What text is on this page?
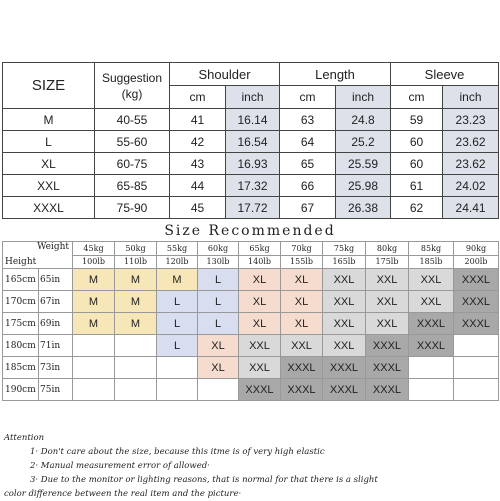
SIZE	Suggestion
(kg)	Shoulder		Length		Sleeve	
		cm	inch	cm	inch	cm	inch
M	40-55	41	16.14	63	24.8	59	23.23
L	55-60	42	16.54	64	25.2	60	23.62
XL	60-75	43	16.93	65	25.59	60	23.62
XXL	65-85	44	17.32	66	25.98	61	24.02
XXXL	75-90	45	17.72	67	26.38	62	24.41
Size Recommended
Weight
Height		45kg	50kg	55kg	60kg	65kg	70kg	75kg	80kg	85kg	90kg
		100lb	110lb	120lb	130lb	140lb	155lb	165lb	175lb	185lb	200lb
165cm	65in	M	M	M	L	XL	XL	XXL	XXL	XXL	XXXL
170cm	67in	M	M	L	L	XL	XL	XXL	XXL	XXL	XXXL
175cm	69in	M	M	L	L	XL	XL	XXL	XXL	XXXL	XXXL
180cm	71in			L	XL	XXL	XXL	XXL	XXXL	XXXL	
185cm	73in				XL	XXL	XXXL	XXXL	XXXL		
190cm	75in					XXXL	XXXL	XXXL	XXXL		
Attention
1· Don't care about the size, because this itme is of very high elastic
2· Manual measurement error of allowed·
3· Due to the monitor or lighting reasons, that is normal for that there is a slight
color difference between the real item and the picture·
